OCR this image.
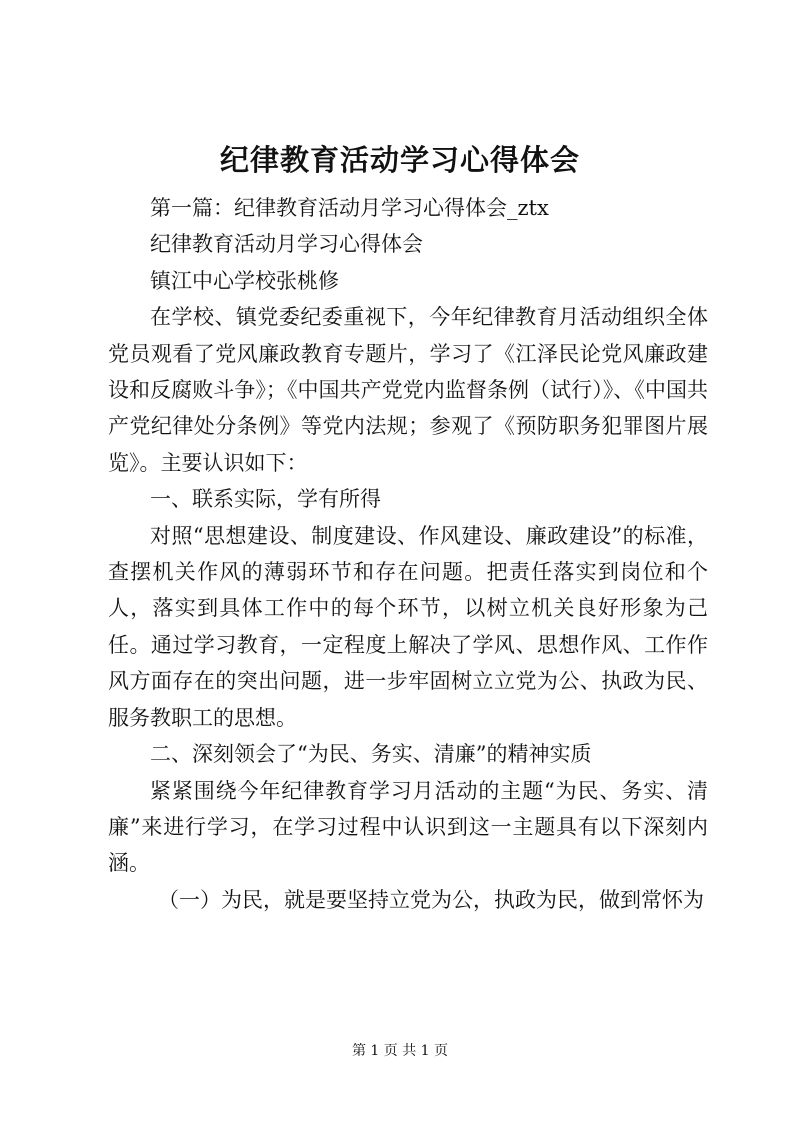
纪律教育活动学习心得体会

第一篇：纪律教育活动月学习心得体会_ztx

纪律教育活动月学习心得体会

镇江中心学校张桃修

在学校、镇党委纪委重视下，今年纪律教育月活动组织全体党员观看了党风廉政教育专题片，学习了《江泽民论党风廉政建设和反腐败斗争》；《中国共产党党内监督条例（试行）》、《中国共产党纪律处分条例》等党内法规；参观了《预防职务犯罪图片展览》。主要认识如下：

一、联系实际，学有所得

对照“思想建设、制度建设、作风建设、廉政建设”的标准，查摆机关作风的薄弱环节和存在问题。把责任落实到岗位和个人，落实到具体工作中的每个环节，以树立机关良好形象为己任。通过学习教育，一定程度上解决了学风、思想作风、工作作风方面存在的突出问题，进一步牢固树立立党为公、执政为民、服务教职工的思想。

二、深刻领会了“为民、务实、清廉”的精神实质

紧紧围绕今年纪律教育学习月活动的主题“为民、务实、清廉”来进行学习，在学习过程中认识到这一主题具有以下深刻内涵。

（一）为民，就是要坚持立党为公，执政为民，做到常怀为

第 1 页 共 1 页
